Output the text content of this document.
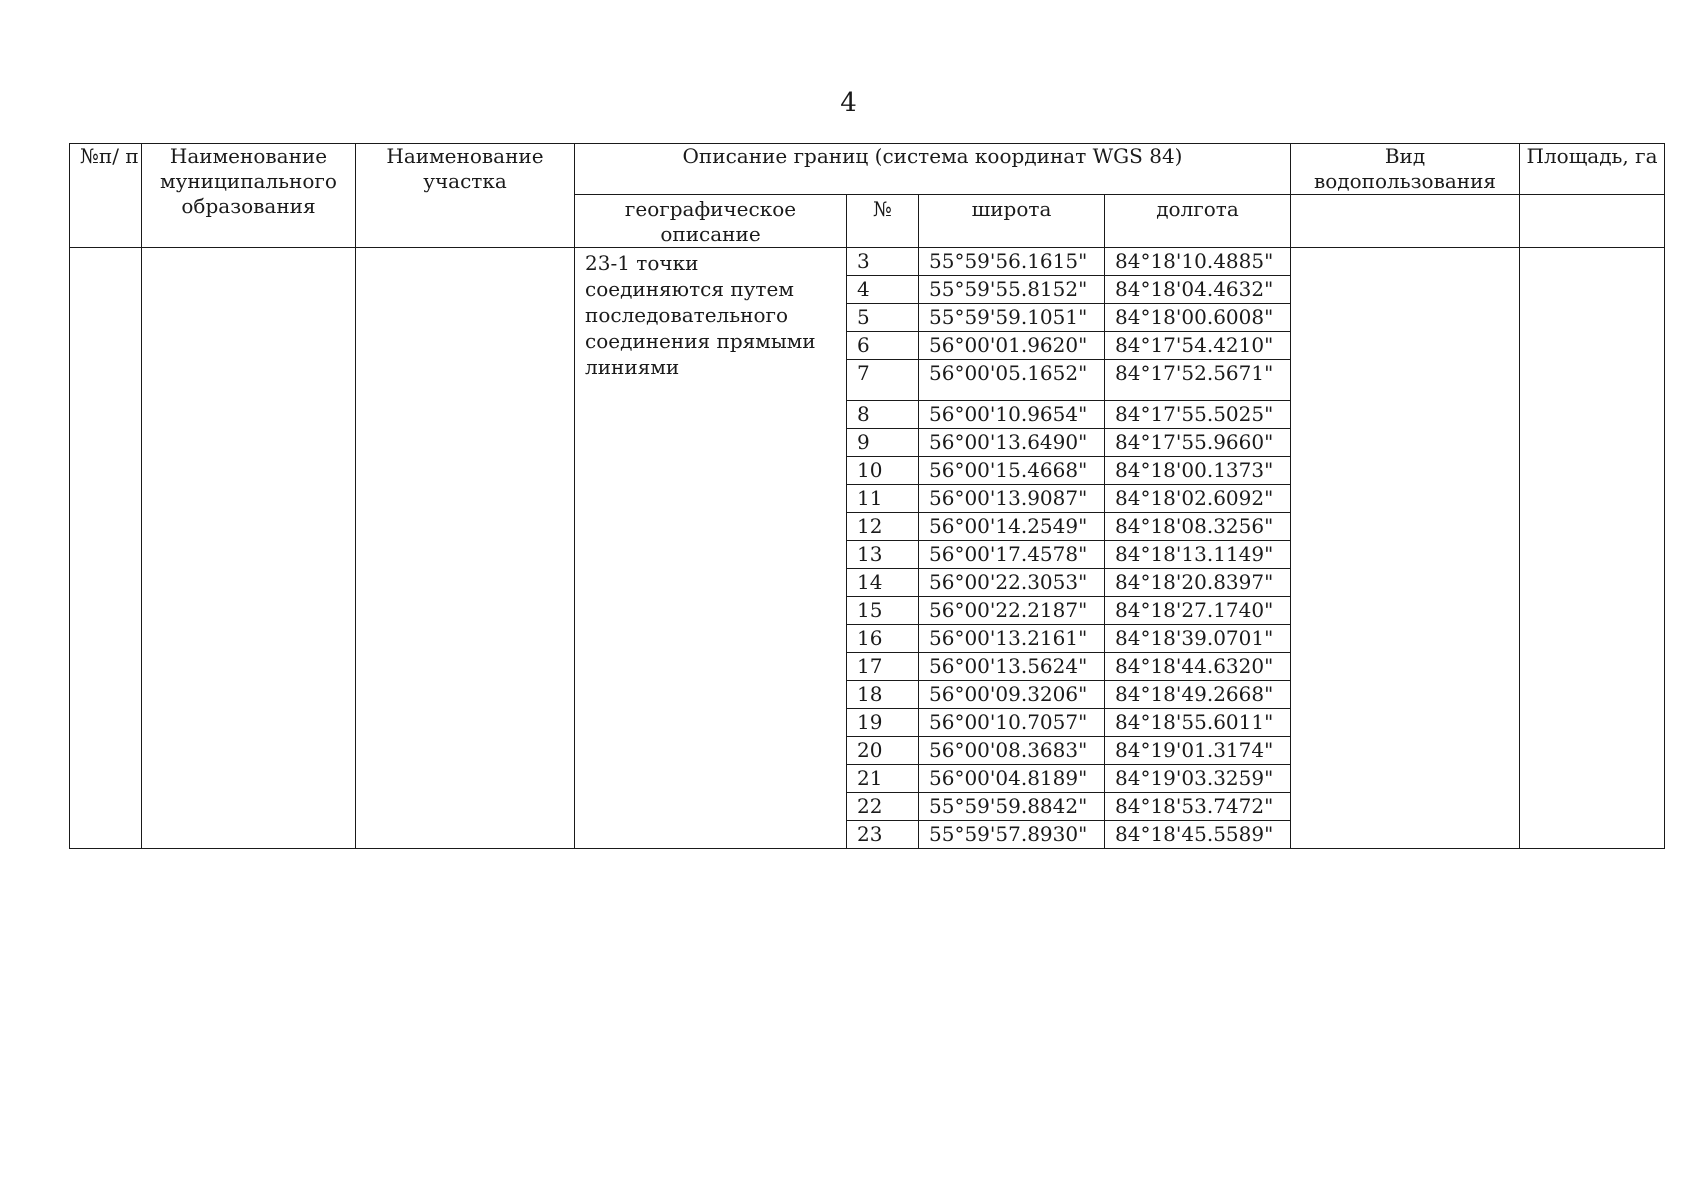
4
№п/ п	Наименование муниципального образования	Наименование участка	Описание границ (система координат WGS 84)				Вид водопользования	Площадь, га
			географическое описание	№	широта	долгота		
			23-1 точки соединяются путем последовательного соединения прямыми линиями	3	55°59'56.1615"	84°18'10.4885"		
				4	55°59'55.8152"	84°18'04.4632"		
				5	55°59'59.1051"	84°18'00.6008"		
				6	56°00'01.9620"	84°17'54.4210"		
				7	56°00'05.1652"	84°17'52.5671"		
				8	56°00'10.9654"	84°17'55.5025"		
				9	56°00'13.6490"	84°17'55.9660"		
				10	56°00'15.4668"	84°18'00.1373"		
				11	56°00'13.9087"	84°18'02.6092"		
				12	56°00'14.2549"	84°18'08.3256"		
				13	56°00'17.4578"	84°18'13.1149"		
				14	56°00'22.3053"	84°18'20.8397"		
				15	56°00'22.2187"	84°18'27.1740"		
				16	56°00'13.2161"	84°18'39.0701"		
				17	56°00'13.5624"	84°18'44.6320"		
				18	56°00'09.3206"	84°18'49.2668"		
				19	56°00'10.7057"	84°18'55.6011"		
				20	56°00'08.3683"	84°19'01.3174"		
				21	56°00'04.8189"	84°19'03.3259"		
				22	55°59'59.8842"	84°18'53.7472"		
				23	55°59'57.8930"	84°18'45.5589"		
